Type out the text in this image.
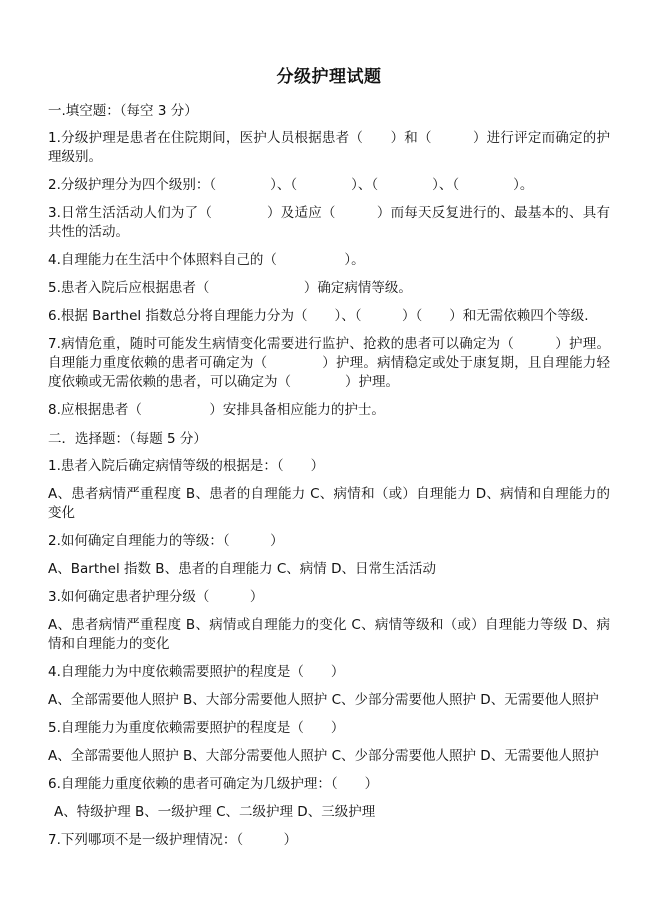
分级护理试题
一.填空题：（每空 3 分）
1.分级护理是患者在住院期间，医护人员根据患者（　　）和（　　　）进行评定而确定的护理级别。
2.分级护理分为四个级别：（　　　　）、（　　　　）、（　　　　）、（　　　　）。
3.日常生活活动人们为了（　　　　）及适应（　　　）而每天反复进行的、最基本的、具有共性的活动。
4.自理能力在生活中个体照料自己的（　　　　　）。
5.患者入院后应根据患者（　　　　　　　）确定病情等级。
6.根据 Barthel 指数总分将自理能力分为（　　）、（　　　）（　　）和无需依赖四个等级.
7.病情危重，随时可能发生病情变化需要进行监护、抢救的患者可以确定为（　　　）护理。自理能力重度依赖的患者可确定为（　　　　）护理。病情稳定或处于康复期，且自理能力轻度依赖或无需依赖的患者，可以确定为（　　　　）护理。
8.应根据患者（　　　　　）安排具备相应能力的护士。
二．选择题：（每题 5 分）
1.患者入院后确定病情等级的根据是：（　　）
A、患者病情严重程度 B、患者的自理能力 C、病情和（或）自理能力 D、病情和自理能力的变化
2.如何确定自理能力的等级：（　　　）
A、Barthel 指数 B、患者的自理能力 C、病情 D、日常生活活动
3.如何确定患者护理分级（　　　）
A、患者病情严重程度 B、病情或自理能力的变化 C、病情等级和（或）自理能力等级 D、病情和自理能力的变化
4.自理能力为中度依赖需要照护的程度是（　　）
A、全部需要他人照护 B、大部分需要他人照护 C、少部分需要他人照护 D、无需要他人照护
5.自理能力为重度依赖需要照护的程度是（　　）
A、全部需要他人照护 B、大部分需要他人照护 C、少部分需要他人照护 D、无需要他人照护
6.自理能力重度依赖的患者可确定为几级护理：（　　）
A、特级护理 B、一级护理 C、二级护理 D、三级护理
7.下列哪项不是一级护理情况：（　　　）
